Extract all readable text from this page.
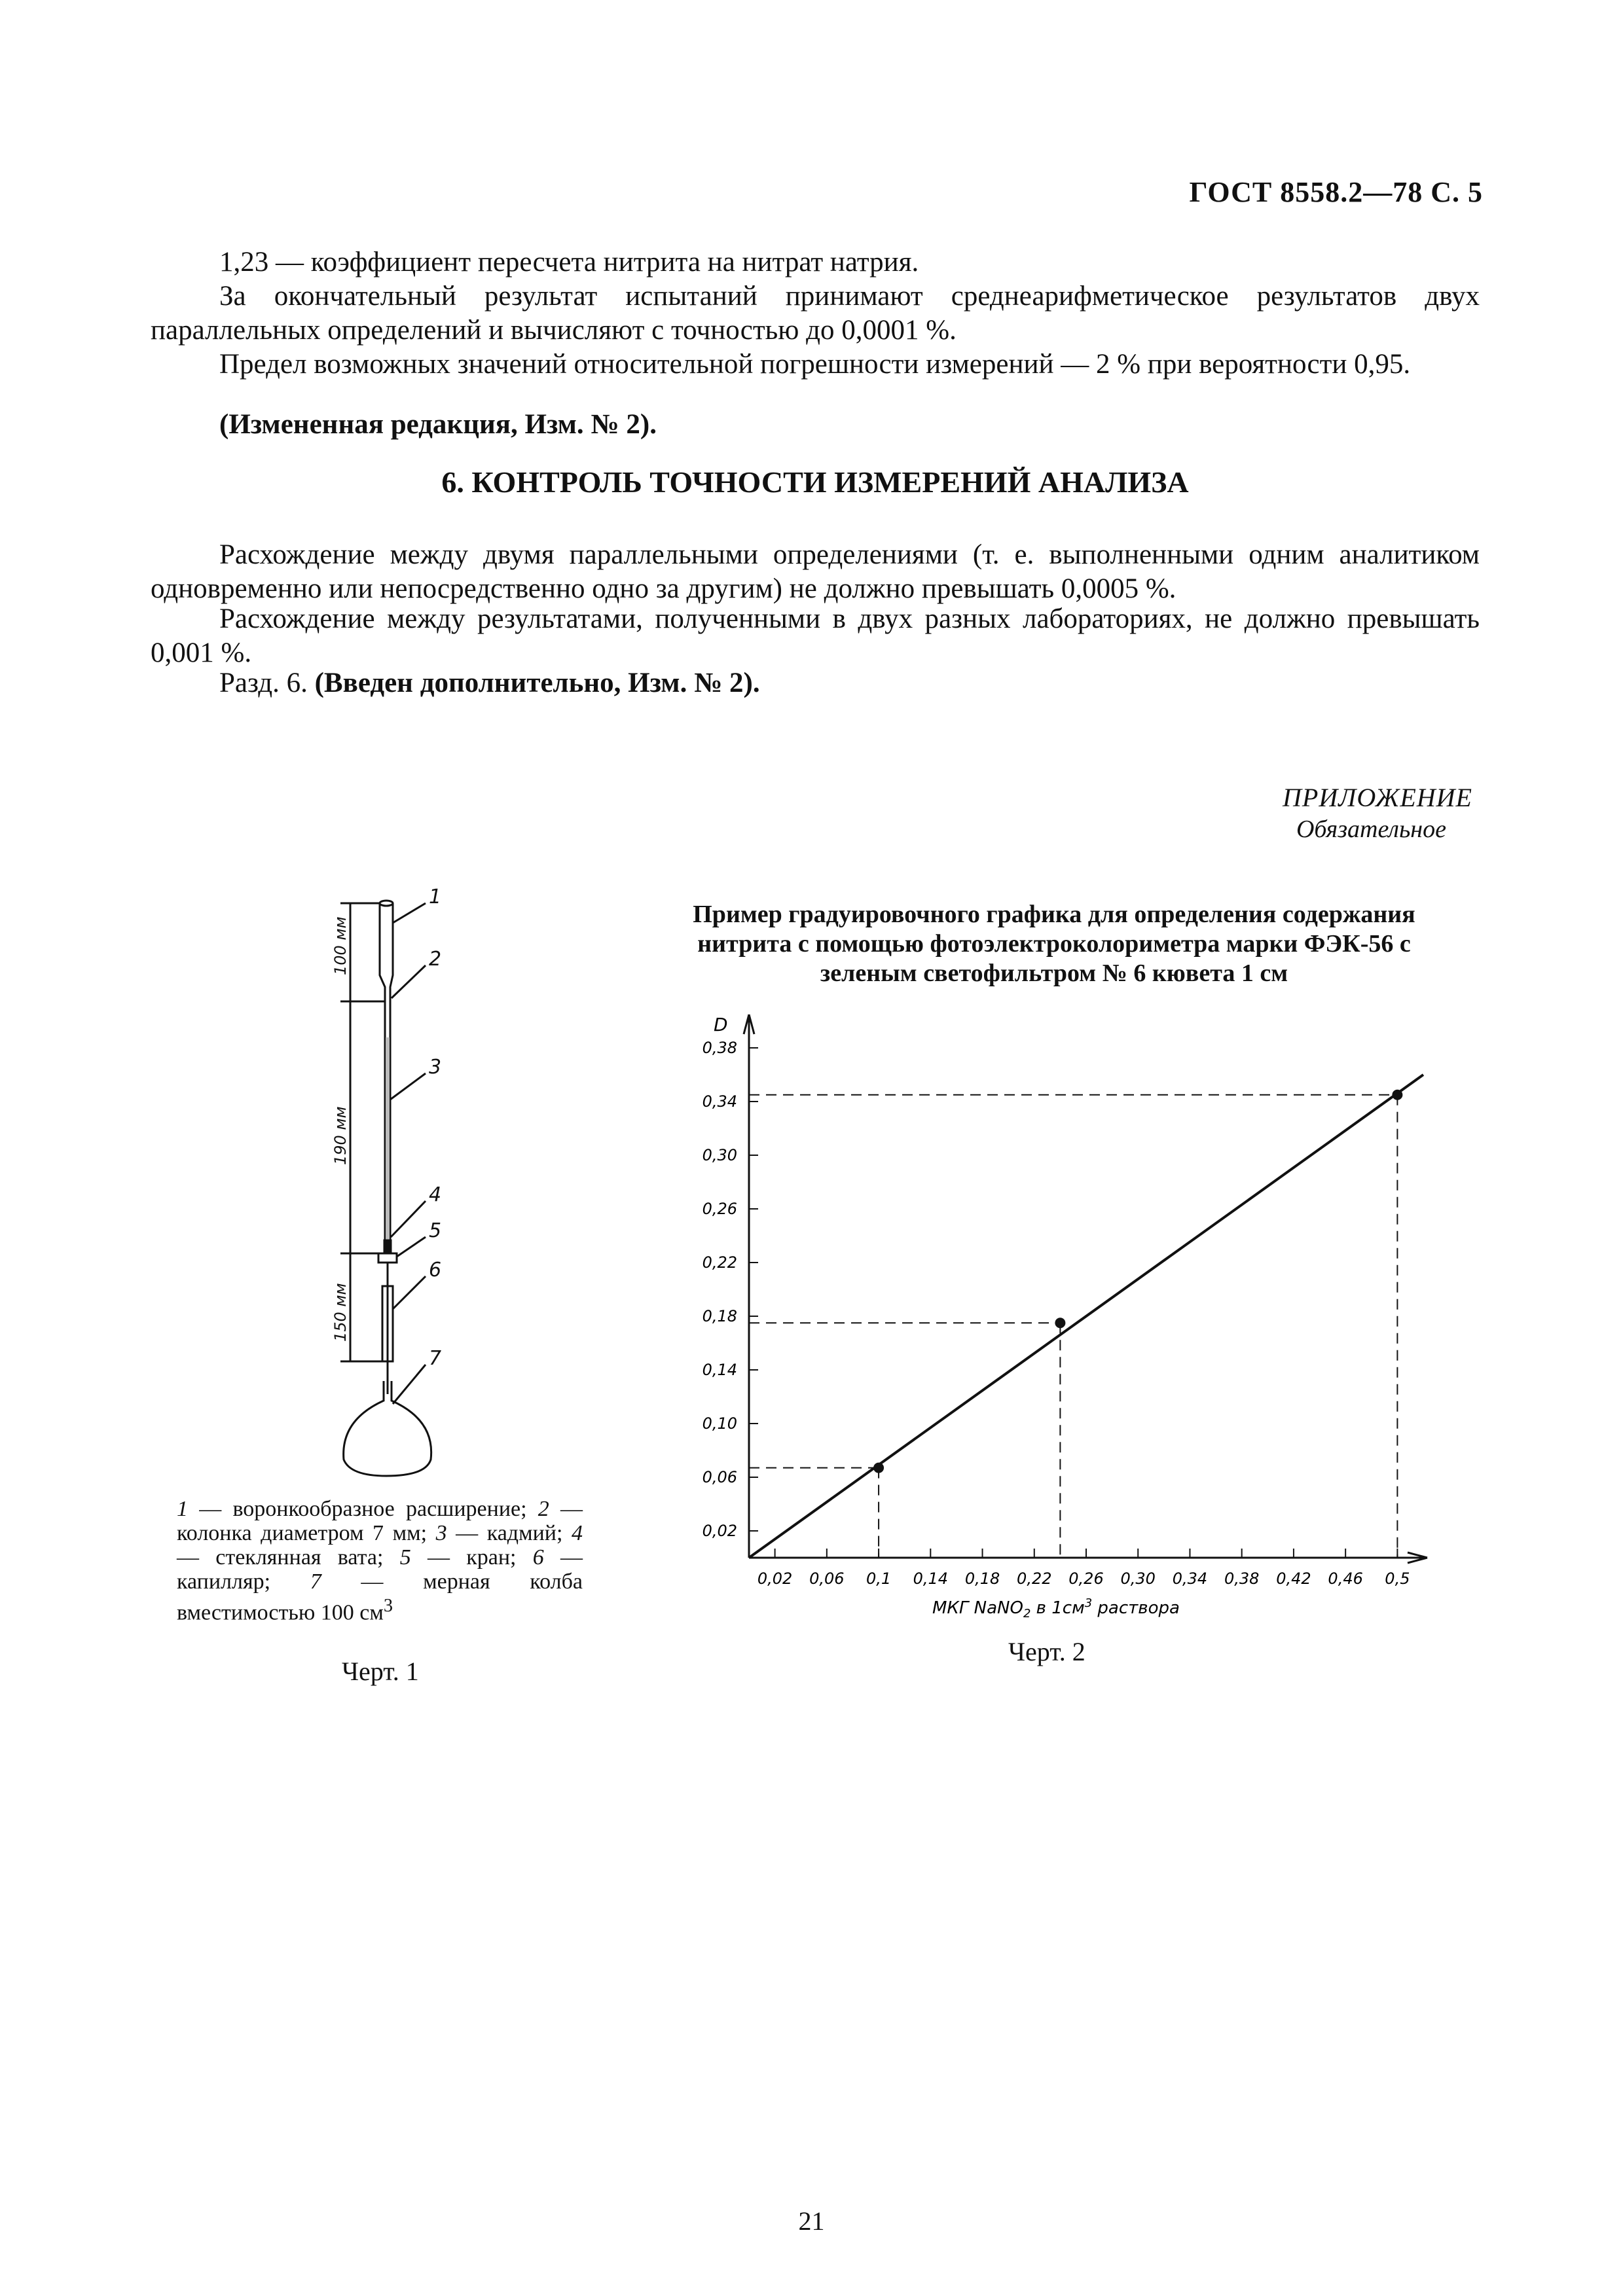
ГОСТ 8558.2—78 С. 5
1,23 — коэффициент пересчета нитрита на нитрат натрия.
За окончательный результат испытаний принимают среднеарифметическое результатов двух параллельных определений и вычисляют с точностью до 0,0001 %.
Предел возможных значений относительной погрешности измерений — 2 % при вероятности 0,95.
(Измененная редакция, Изм. № 2).
6. КОНТРОЛЬ ТОЧНОСТИ ИЗМЕРЕНИЙ АНАЛИЗА
Расхождение между двумя параллельными определениями (т. е. выполненными одним аналитиком одновременно или непосредственно одно за другим) не должно превышать 0,0005 %.
Расхождение между результатами, полученными в двух разных лабораториях, не должно превышать 0,001 %.
Разд. 6. (Введен дополнительно, Изм. № 2).
ПРИЛОЖЕНИЕ
Обязательное
1
2
3
4
5
6
7
100 мм
190 мм
150 мм
1 — воронкообразное расширение; 2 — колонка диаметром 7 мм; 3 — кадмий; 4 — стеклянная вата; 5 — кран; 6 — капилляр; 7 — мерная колба вместимостью 100 $см^3$
Черт. 1
Пример градуировочного графика для определения содержания нитрита с помощью фотоэлектроколориметра марки ФЭК-56 с зеленым светофильтром № 6 кювета 1 см
D
0,02 0,06 0,1 0,14 0,18 0,22 0,26 0,30 0,34 0,38 0,42 0,46 0,5
0,02
0,06
0,10
0,14
0,18
0,22
0,26
0,30
0,34
0,38
МКГ NaNO$_2$ в $1см^3$ раствора
Черт. 2
21
